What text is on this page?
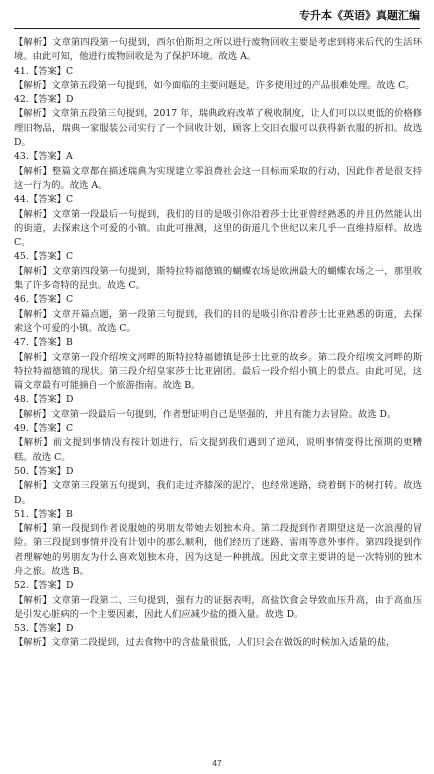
专升本《英语》真题汇编

【解析】文章第四段第一句提到，西尔伯斯坦之所以进行废物回收主要是考虑到将来后代的生活环境。由此可知，他进行废物回收是为了保护环境。故选 A。

41.【答案】C

【解析】文章第五段第一句提到，如今面临的主要问题是，许多使用过的产品很难处理。故选 C。

42.【答案】D

【解析】文章第五段第三句提到，2017 年，瑞典政府改革了税收制度，让人们可以以更低的价格修理旧物品，瑞典一家服装公司实行了一个回收计划，顾客上交旧衣服可以获得新衣服的折扣。故选 D。

43.【答案】A

【解析】整篇文章都在描述瑞典为实现建立零浪费社会这一目标而采取的行动，因此作者是很支持这一行为的。故选 A。

44.【答案】C

【解析】文章第一段最后一句提到，我们的目的是吸引你沿着莎士比亚曾经熟悉的并且仍然能认出的街道，去探索这个可爱的小镇。由此可推测，这里的街道几个世纪以来几乎一直维持原样。故选 C。

45.【答案】C

【解析】文章第四段第一句提到，斯特拉特福德镇的蝴蝶农场是欧洲最大的蝴蝶农场之一，那里收集了许多奇特的昆虫。故选 C。

46.【答案】C

【解析】文章开篇点题，第一段第三句提到，我们的目的是吸引你沿着莎士比亚熟悉的街道，去探索这个可爱的小镇。故选 C。

47.【答案】B

【解析】文章第一段介绍埃文河畔的斯特拉特福德镇是莎士比亚的故乡。第二段介绍埃文河畔的斯特拉特福德镇的现状。第三段介绍皇家莎士比亚剧团。最后一段介绍小镇上的景点。由此可见，这篇文章最有可能摘自一个旅游指南。故选 B。

48.【答案】D

【解析】文章第一段最后一句提到，作者想证明自己是坚强的，并且有能力去冒险。故选 D。

49.【答案】C

【解析】前文提到事情没有按计划进行，后文提到我们遇到了逆风，说明事情变得比预期的更糟糕。故选 C。

50.【答案】D

【解析】文章第三段第五句提到，我们走过齐膝深的泥泞，也经常迷路，绕着倒下的树打转。故选 D。

51.【答案】B

【解析】第一段提到作者说服她的男朋友带她去划独木舟。第二段提到作者期望这是一次浪漫的冒险。第三段提到事情并没有计划中的那么顺利，他们经历了迷路、雷雨等意外事件。第四段提到作者理解她的男朋友为什么喜欢划独木舟，因为这是一种挑战。因此文章主要讲的是一次特别的独木舟之旅。故选 B。

52.【答案】D

【解析】文章第一段第二、三句提到，强有力的证据表明，高盐饮食会导致血压升高，由于高血压是引发心脏病的一个主要因素，因此人们应减少盐的摄入量。故选 D。

53.【答案】D

【解析】文章第二段提到，过去食物中的含盐量很低，人们只会在做饭的时候加入适量的盐，

47
